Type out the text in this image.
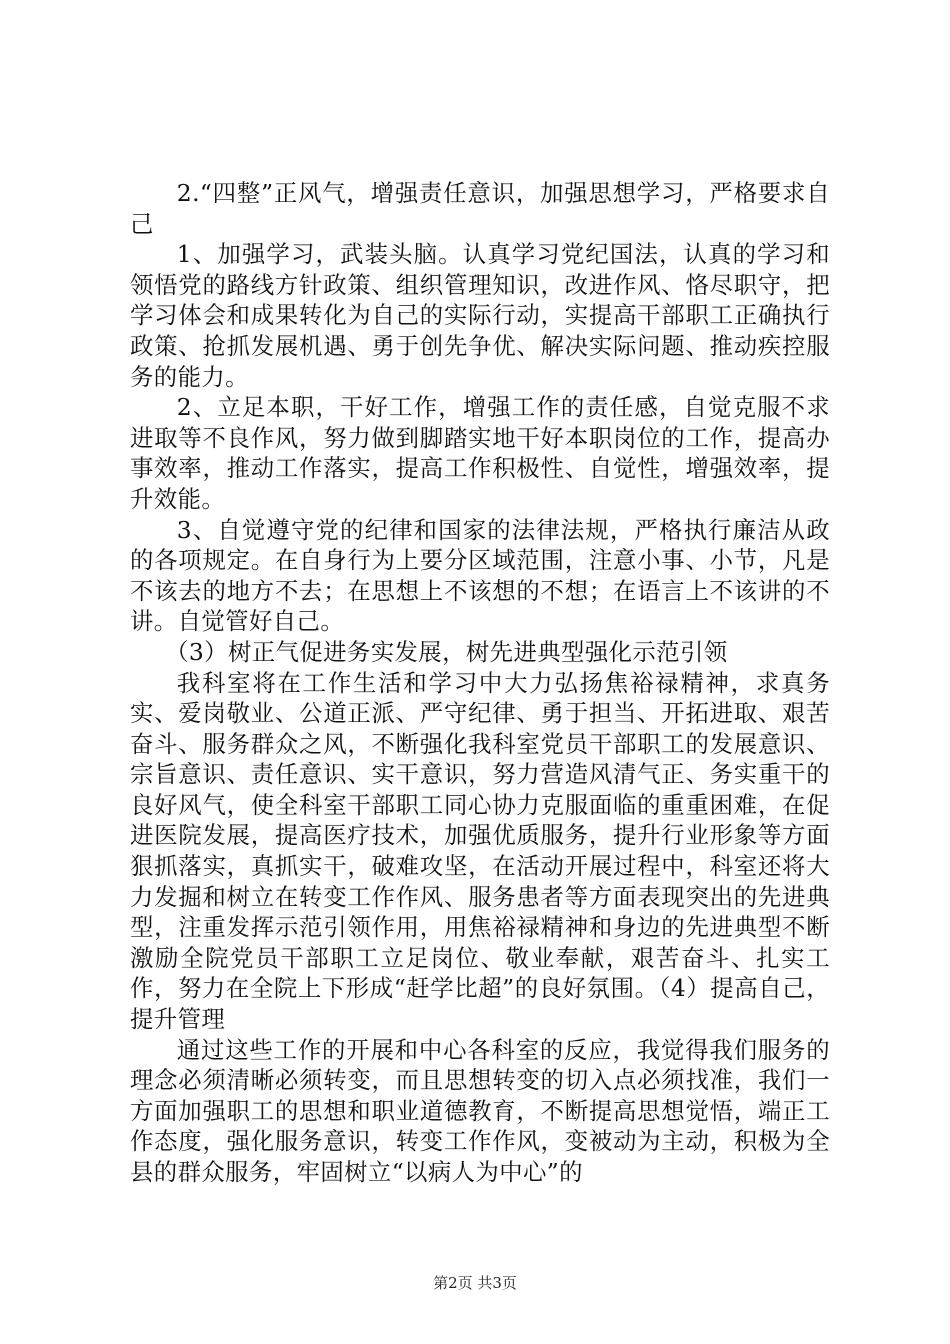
2.“四整”正风气，增强责任意识，加强思想学习，严格要求自己

1、加强学习，武装头脑。认真学习党纪国法，认真的学习和领悟党的路线方针政策、组织管理知识，改进作风、恪尽职守，把学习体会和成果转化为自己的实际行动，实提高干部职工正确执行政策、抢抓发展机遇、勇于创先争优、解决实际问题、推动疾控服务的能力。

2、立足本职，干好工作，增强工作的责任感，自觉克服不求进取等不良作风，努力做到脚踏实地干好本职岗位的工作，提高办事效率，推动工作落实，提高工作积极性、自觉性，增强效率，提升效能。

3、自觉遵守党的纪律和国家的法律法规，严格执行廉洁从政的各项规定。在自身行为上要分区域范围，注意小事、小节，凡是不该去的地方不去；在思想上不该想的不想；在语言上不该讲的不讲。自觉管好自己。

（3）树正气促进务实发展，树先进典型强化示范引领

我科室将在工作生活和学习中大力弘扬焦裕禄精神，求真务实、爱岗敬业、公道正派、严守纪律、勇于担当、开拓进取、艰苦奋斗、服务群众之风，不断强化我科室党员干部职工的发展意识、宗旨意识、责任意识、实干意识，努力营造风清气正、务实重干的良好风气，使全科室干部职工同心协力克服面临的重重困难，在促进医院发展，提高医疗技术，加强优质服务，提升行业形象等方面狠抓落实，真抓实干，破难攻坚，在活动开展过程中，科室还将大力发掘和树立在转变工作作风、服务患者等方面表现突出的先进典型，注重发挥示范引领作用，用焦裕禄精神和身边的先进典型不断激励全院党员干部职工立足岗位、敬业奉献，艰苦奋斗、扎实工作，努力在全院上下形成“赶学比超”的良好氛围。（4）提高自己，提升管理

通过这些工作的开展和中心各科室的反应，我觉得我们服务的理念必须清晰必须转变，而且思想转变的切入点必须找准，我们一方面加强职工的思想和职业道德教育，不断提高思想觉悟，端正工作态度，强化服务意识，转变工作作风，变被动为主动，积极为全县的群众服务，牢固树立“以病人为中心”的

第2页 共3页
